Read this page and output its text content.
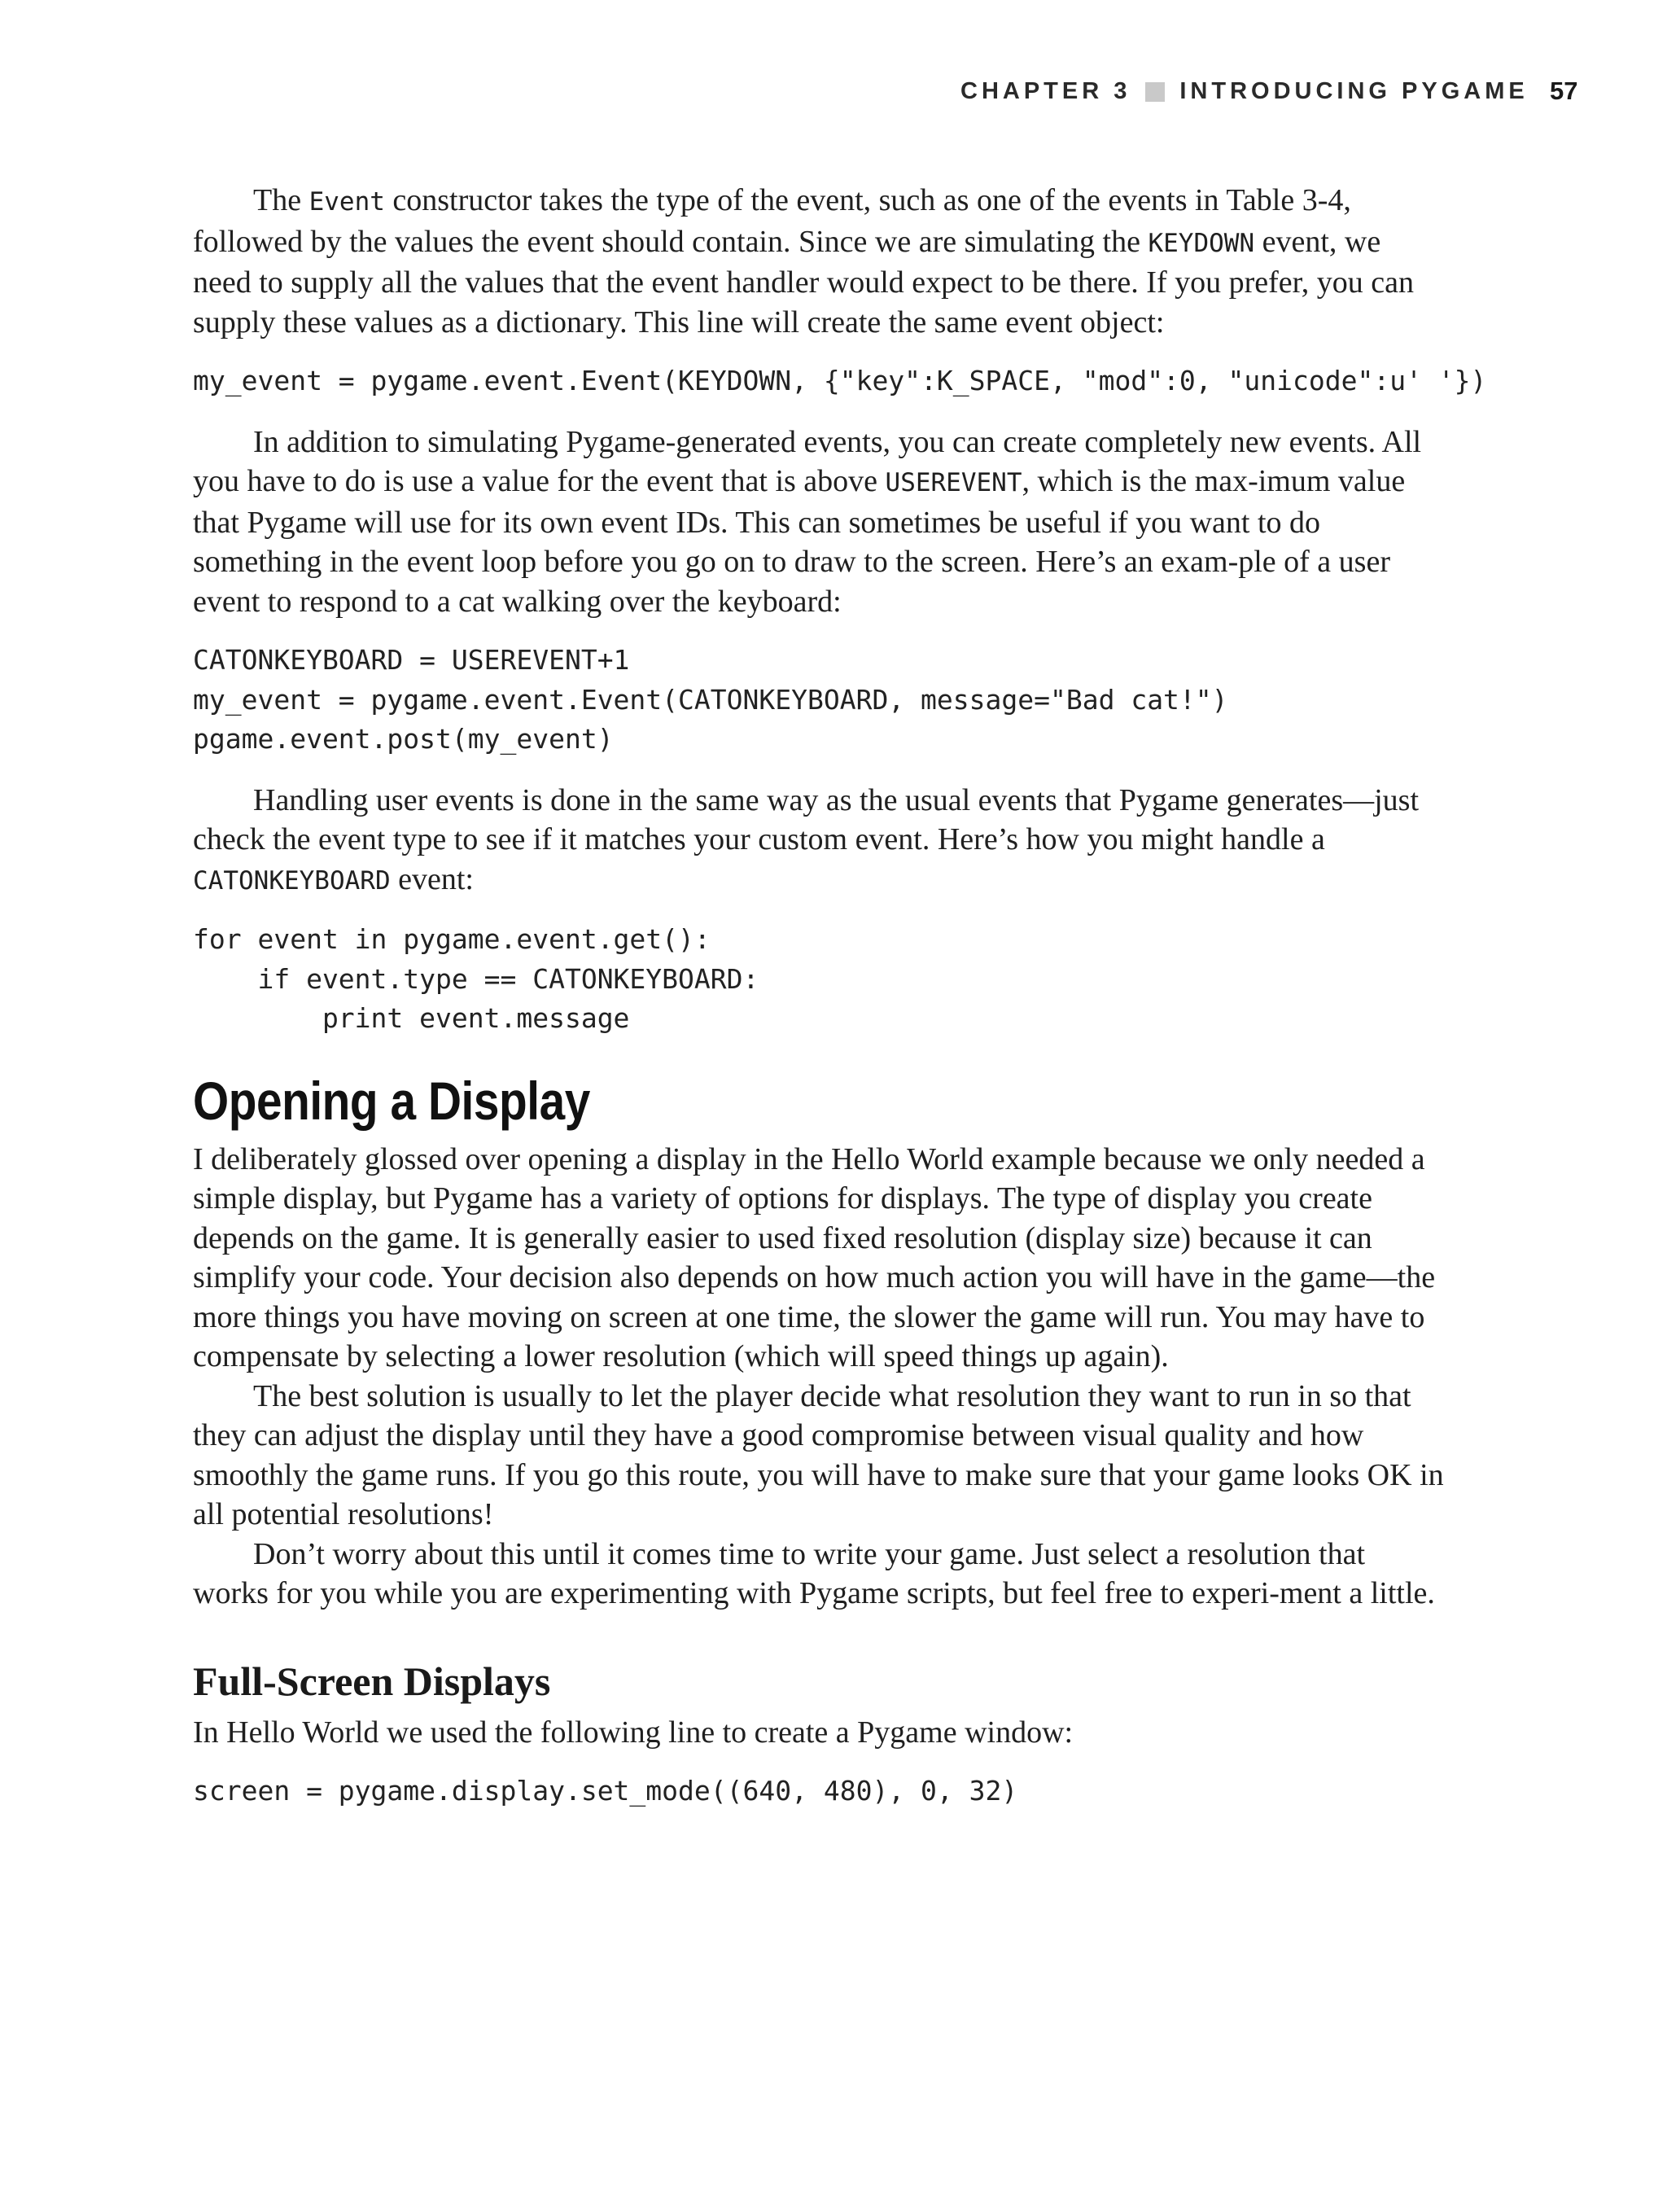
CHAPTER 3 INTRODUCING PYGAME 57

The Event constructor takes the type of the event, such as one of the events in Table 3-4, followed by the values the event should contain. Since we are simulating the KEYDOWN event, we need to supply all the values that the event handler would expect to be there. If you prefer, you can supply these values as a dictionary. This line will create the same event object:

my_event = pygame.event.Event(KEYDOWN, {"key":K_SPACE, "mod":0, "unicode":u' '})

In addition to simulating Pygame-generated events, you can create completely new events. All you have to do is use a value for the event that is above USEREVENT, which is the max-imum value that Pygame will use for its own event IDs. This can sometimes be useful if you want to do something in the event loop before you go on to draw to the screen. Here’s an exam-ple of a user event to respond to a cat walking over the keyboard:

CATONKEYBOARD = USEREVENT+1
my_event = pygame.event.Event(CATONKEYBOARD, message="Bad cat!")
pgame.event.post(my_event)

Handling user events is done in the same way as the usual events that Pygame generates—just check the event type to see if it matches your custom event. Here’s how you might handle a CATONKEYBOARD event:

for event in pygame.event.get():
if event.type == CATONKEYBOARD:
print event.message
Opening a Display

I deliberately glossed over opening a display in the Hello World example because we only needed a simple display, but Pygame has a variety of options for displays. The type of display you create depends on the game. It is generally easier to used fixed resolution (display size) because it can simplify your code. Your decision also depends on how much action you will have in the game—the more things you have moving on screen at one time, the slower the game will run. You may have to compensate by selecting a lower resolution (which will speed things up again).

The best solution is usually to let the player decide what resolution they want to run in so that they can adjust the display until they have a good compromise between visual quality and how smoothly the game runs. If you go this route, you will have to make sure that your game looks OK in all potential resolutions!

Don’t worry about this until it comes time to write your game. Just select a resolution that works for you while you are experimenting with Pygame scripts, but feel free to experi-ment a little.

Full-Screen Displays

In Hello World we used the following line to create a Pygame window:

screen = pygame.display.set_mode((640, 480), 0, 32)
